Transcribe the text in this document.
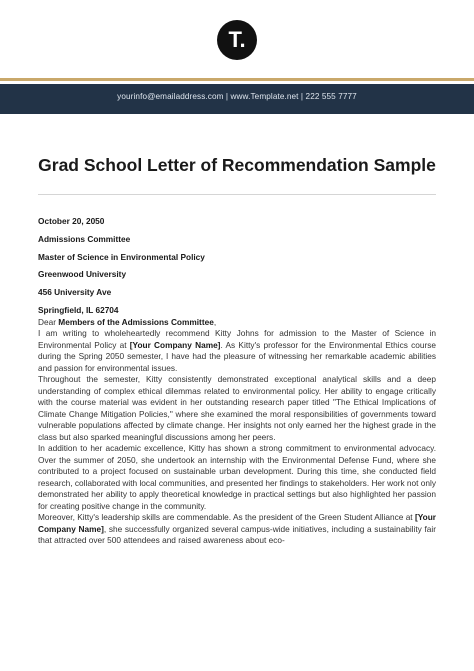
T.
yourinfo@emailaddress.com | www.Template.net | 222 555 7777
Grad School Letter of Recommendation Sample
October 20, 2050
Admissions Committee
Master of Science in Environmental Policy
Greenwood University
456 University Ave
Springfield, IL 62704

Dear Members of the Admissions Committee,

I am writing to wholeheartedly recommend Kitty Johns for admission to the Master of Science in Environmental Policy at [Your Company Name]. As Kitty's professor for the Environmental Ethics course during the Spring 2050 semester, I have had the pleasure of witnessing her remarkable academic abilities and passion for environmental issues.

Throughout the semester, Kitty consistently demonstrated exceptional analytical skills and a deep understanding of complex ethical dilemmas related to environmental policy. Her ability to engage critically with the course material was evident in her outstanding research paper titled "The Ethical Implications of Climate Change Mitigation Policies," where she examined the moral responsibilities of governments toward vulnerable populations affected by climate change. Her insights not only earned her the highest grade in the class but also sparked meaningful discussions among her peers.

In addition to her academic excellence, Kitty has shown a strong commitment to environmental advocacy. Over the summer of 2050, she undertook an internship with the Environmental Defense Fund, where she contributed to a project focused on sustainable urban development. During this time, she conducted field research, collaborated with local communities, and presented her findings to stakeholders. Her work not only demonstrated her ability to apply theoretical knowledge in practical settings but also highlighted her passion for creating positive change in the community.

Moreover, Kitty's leadership skills are commendable. As the president of the Green Student Alliance at [Your Company Name], she successfully organized several campus-wide initiatives, including a sustainability fair that attracted over 500 attendees and raised awareness about eco-
